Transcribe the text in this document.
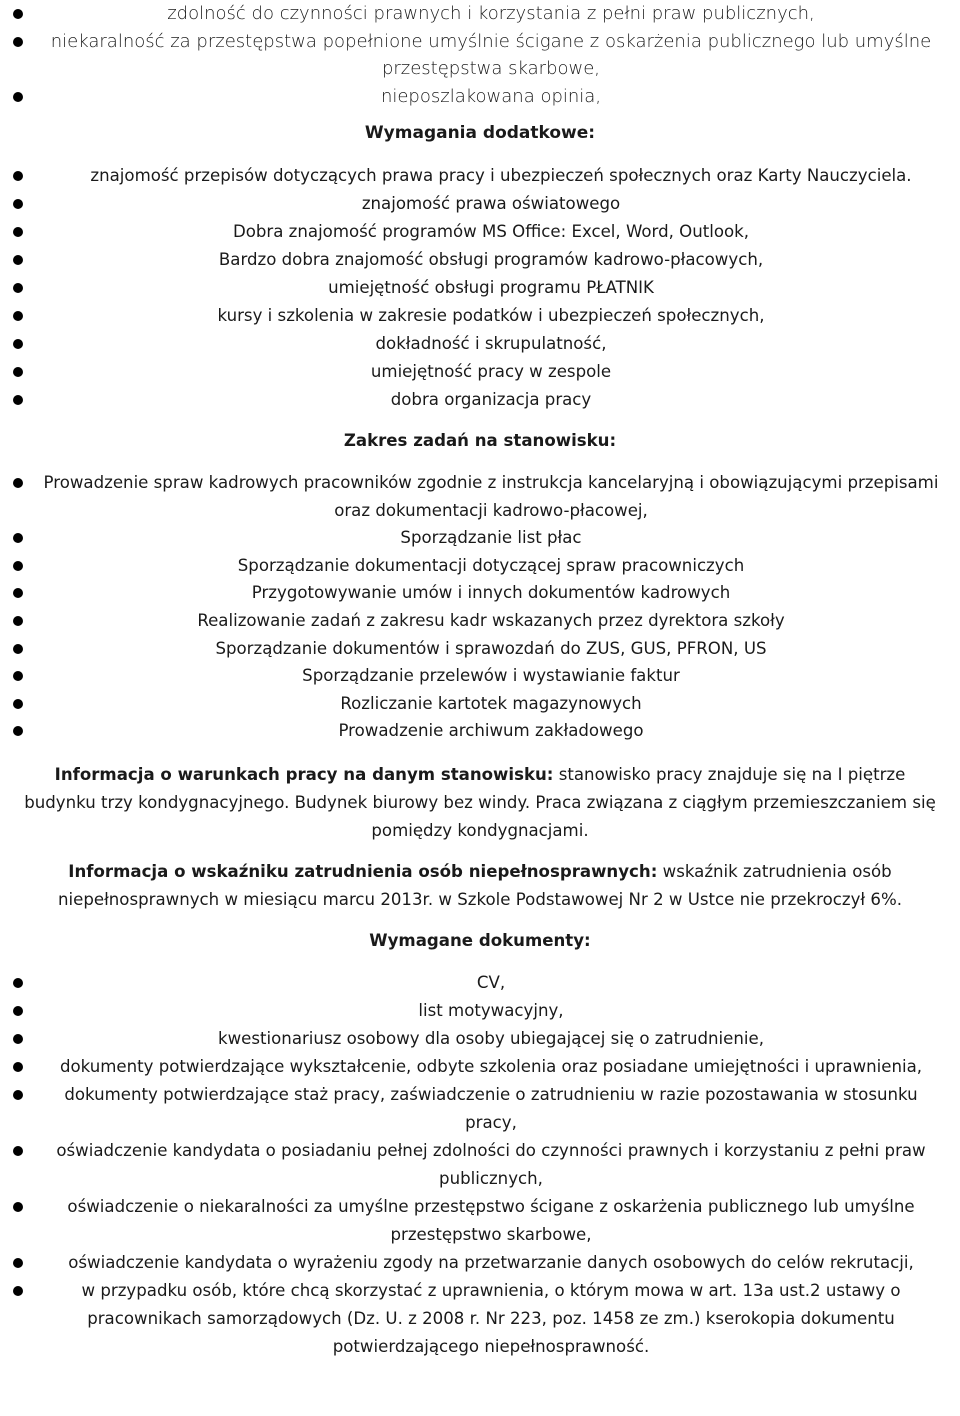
zdolność do czynności prawnych i korzystania z pełni praw publicznych,
niekaralność za przestępstwa popełnione umyślnie ścigane z oskarżenia publicznego lub umyślne przestępstwa skarbowe,
nieposzlakowana opinia,
Wymagania dodatkowe:
znajomość przepisów dotyczących prawa pracy i ubezpieczeń społecznych oraz Karty Nauczyciela.
znajomość prawa oświatowego
Dobra znajomość programów MS Office: Excel, Word, Outlook,
Bardzo dobra znajomość obsługi programów kadrowo-płacowych,
umiejętność obsługi programu PŁATNIK
kursy i szkolenia w zakresie podatków i ubezpieczeń społecznych,
dokładność i skrupulatność,
umiejętność pracy w zespole
dobra organizacja pracy
Zakres zadań na stanowisku:
Prowadzenie spraw kadrowych pracowników zgodnie z instrukcja kancelaryjną i obowiązującymi przepisami oraz dokumentacji kadrowo-płacowej,
Sporządzanie list płac
Sporządzanie dokumentacji dotyczącej spraw pracowniczych
Przygotowywanie umów i innych dokumentów kadrowych
Realizowanie zadań z zakresu kadr wskazanych przez dyrektora szkoły
Sporządzanie dokumentów i sprawozdań do ZUS, GUS, PFRON, US
Sporządzanie przelewów i wystawianie faktur
Rozliczanie kartotek magazynowych
Prowadzenie archiwum zakładowego
Informacja o warunkach pracy na danym stanowisku: stanowisko pracy znajduje się na I piętrze budynku trzy kondygnacyjnego. Budynek biurowy bez windy. Praca związana z ciągłym przemieszczaniem się pomiędzy kondygnacjami.
Informacja o wskaźniku zatrudnienia osób niepełnosprawnych: wskaźnik zatrudnienia osób niepełnosprawnych w miesiącu marcu 2013r. w Szkole Podstawowej Nr 2 w Ustce nie przekroczył 6%.
Wymagane dokumenty:
CV,
list motywacyjny,
kwestionariusz osobowy dla osoby ubiegającej się o zatrudnienie,
dokumenty potwierdzające wykształcenie, odbyte szkolenia oraz posiadane umiejętności i uprawnienia,
dokumenty potwierdzające staż pracy, zaświadczenie o zatrudnieniu w razie pozostawania w stosunku pracy,
oświadczenie kandydata o posiadaniu pełnej zdolności do czynności prawnych i korzystaniu z pełni praw publicznych,
oświadczenie o niekaralności za umyślne przestępstwo ścigane z oskarżenia publicznego lub umyślne przestępstwo skarbowe,
oświadczenie kandydata o wyrażeniu zgody na przetwarzanie danych osobowych do celów rekrutacji,
w przypadku osób, które chcą skorzystać z uprawnienia, o którym mowa w art. 13a ust.2 ustawy o pracownikach samorządowych (Dz. U. z 2008 r. Nr 223, poz. 1458 ze zm.) kserokopia dokumentu potwierdzającego niepełnosprawność.
